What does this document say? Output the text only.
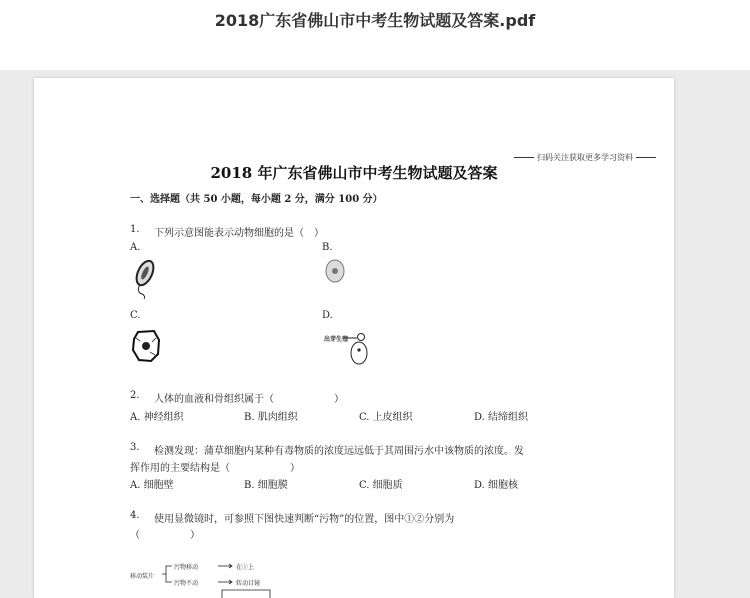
2018广东省佛山市中考生物试题及答案.pdf
扫码关注获取更多学习资料
2018 年广东省佛山市中考生物试题及答案
一、选择题（共 50 小题，每小题 2 分，满分 100 分）
1. 下列示意图能表示动物细胞的是（　）
A.	B.
C.	D.
出芽生殖
2. 人体的血液和骨组织属于（　　　　　　）
A. 神经组织	B. 肌肉组织	C. 上皮组织	D. 结缔组织
3. 检测发现：蒲草细胞内某种有毒物质的浓度远远低于其周围污水中该物质的浓度。发
挥作用的主要结构是（　　　　　　）
A. 细胞壁	B. 细胞膜	C. 细胞质	D. 细胞核
4. 使用显微镜时，可参照下图快速判断“污物”的位置，图中①②分别为
（　　　　　）
移动装片
污物移动
污物不动
在①上
转动目镜
